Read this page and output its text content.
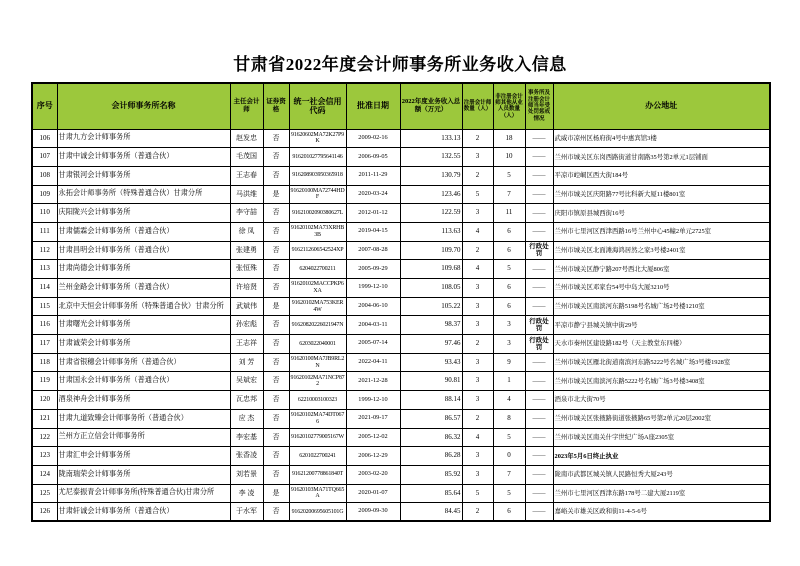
甘肃省2022年度会计师事务所业务收入信息
序号	会计师事务所名称	主任会计师	证券资格	统一社会信用代码	批准日期	2022年度业务收入总额（万元）	注册会计师数量（人）	非注册会计师其他从业人员数量（人）	事务所及注册会计师当年受处罚惩戒情况	办公地址
106	甘肃九方会计师事务所	赵发忠	否	91620602MA72K27P9K	2009-02-16	133.13	2	18	——	武威市凉州区杨府街4号中惠宾馆3楼
107	甘肃中诚会计师事务所（普通合伙）	毛茂国	否	916201027795641146	2006-09-05	132.55	3	10	——	兰州市城关区东岗西路街道甘南路35号第2单元1层铺面
108	甘肃银河会计师事务所	王志春	否	916208903950365918	2011-11-29	130.79	2	5	——	平凉市崆峒区西大街184号
109	永拓会计师事务所（特殊普通合伙）甘肃分所	马洪维	是	91620100MA72744HDF	2020-03-24	123.46	5	7	——	兰州市城关区庆阳路77号比科新大厦11楼801室
110	庆阳陇兴会计师事务所	李守喆	否	91621002090380627L	2012-01-12	122.59	3	11	——	庆阳市镇原县城西街16号
111	甘肃儒霖会计师事务所（普通合伙）	徐 凤	否	91620102MA73XRHB3B	2019-04-15	113.63	4	6	——	兰州市七里河区西津西路16号兰州中心45幢2单元2725室
112	甘肃昌明会计师事务所（普通合伙）	张建勇	否	9162112606542524XP	2007-08-28	109.70	2	6	行政处罚	兰州市城关区北面滩海鸿居然之家3号楼2401室
113	甘肃尚德会计师事务所	张恒殊	否	6204022700211	2005-09-29	109.68	4	5	——	兰州市城关区静宁路207号西北大厦806室
114	兰州金路会计师事务所（普通合伙）	许培贤	否	91620102MACCPKP6XA	1999-12-10	108.05	3	6	——	兰州市城关区邓家台54号中岛大厦3210号
115	北京中天恒会计师事务所（特殊普通合伙）甘肃分所	武斌伟	是	91620102MA753KER4W	2004-06-10	105.22	3	6	——	兰州市城关区南滨河东路5198号名城广场2号楼1210室
116	甘肃曙光会计师事务所	孙宏彪	否	91620820226021947N	2004-03-11	98.37	3	3	行政处罚	平凉市静宁县城关镇中街29号
117	甘肃诚荣会计师事务所	王志祥	否	6203022040001	2005-07-14	97.46	2	3	行政处罚	天水市秦州区建设路182号（天主教堂东四楼）
118	甘肃省银穗会计师事务所（普通合伙）	刘 芳	否	91620100MA7JB9RL2N	2022-04-11	93.43	3	9	——	兰州市城关区雁北街道南滨河东路5222号名城广场3号楼1928室
119	甘肃国永会计师事务所（普通合伙）	吴斌宏	否	91620102MA71NCP872	2021-12-28	90.81	3	1	——	兰州市城关区南滨河东路5222号名城广场3号楼3408室
120	酒泉神舟会计师事务所	瓦忠邦	否	62210003100323	1999-12-10	88.14	3	4	——	酒泉市北大街70号
121	甘肃九道致臻会计师事务所（普通合伙）	应 杰	否	91620102MA74DT0676	2021-09-17	86.57	2	8	——	兰州市城关区张掖路街道张掖路65号第2单元20层2002室
122	兰州方正立信会计师事务所	李宏基	否	91620102779005167W	2005-12-02	86.32	4	5	——	兰州市城关区南关什字世纪广场A座2305室
123	甘肃汇申会计师事务所	张香凌	否	6201022700241	2006-12-29	86.28	3	0	——	2023年5月6日终止执业
124	陇南瑞荣会计师事务所	刘若景	否	91621200778861840T	2003-02-20	85.92	3	7	——	陇南市武都区城关镇人民路恒秀大厦243号
125	尤尼泰振青会计师事务所(特殊普通合伙)甘肃分所	李 凌	是	91620103MA71TQ665A	2020-01-07	85.64	5	5	——	兰州市七里河区西津东路178号二建大厦2119室
126	甘肃轩诚会计师事务所（普通合伙）	于水军	否	91620200695605101G	2009-09-30	84.45	2	6	——	嘉峪关市雄关区政和街11-4-5-6号
